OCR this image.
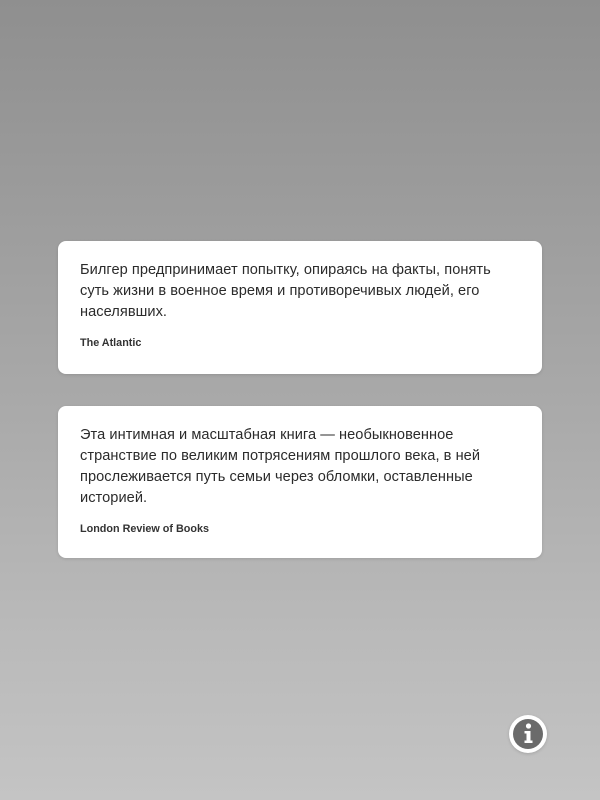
Билгер предпринимает попытку, опираясь на факты, понять суть жизни в военное время и противоречивых людей, его населявших.

The Atlantic

Эта интимная и масштабная книга — необыкновенное странствие по великим потрясениям прошлого века, в ней прослеживается путь семьи через обломки, оставленные историей.

London Review of Books
